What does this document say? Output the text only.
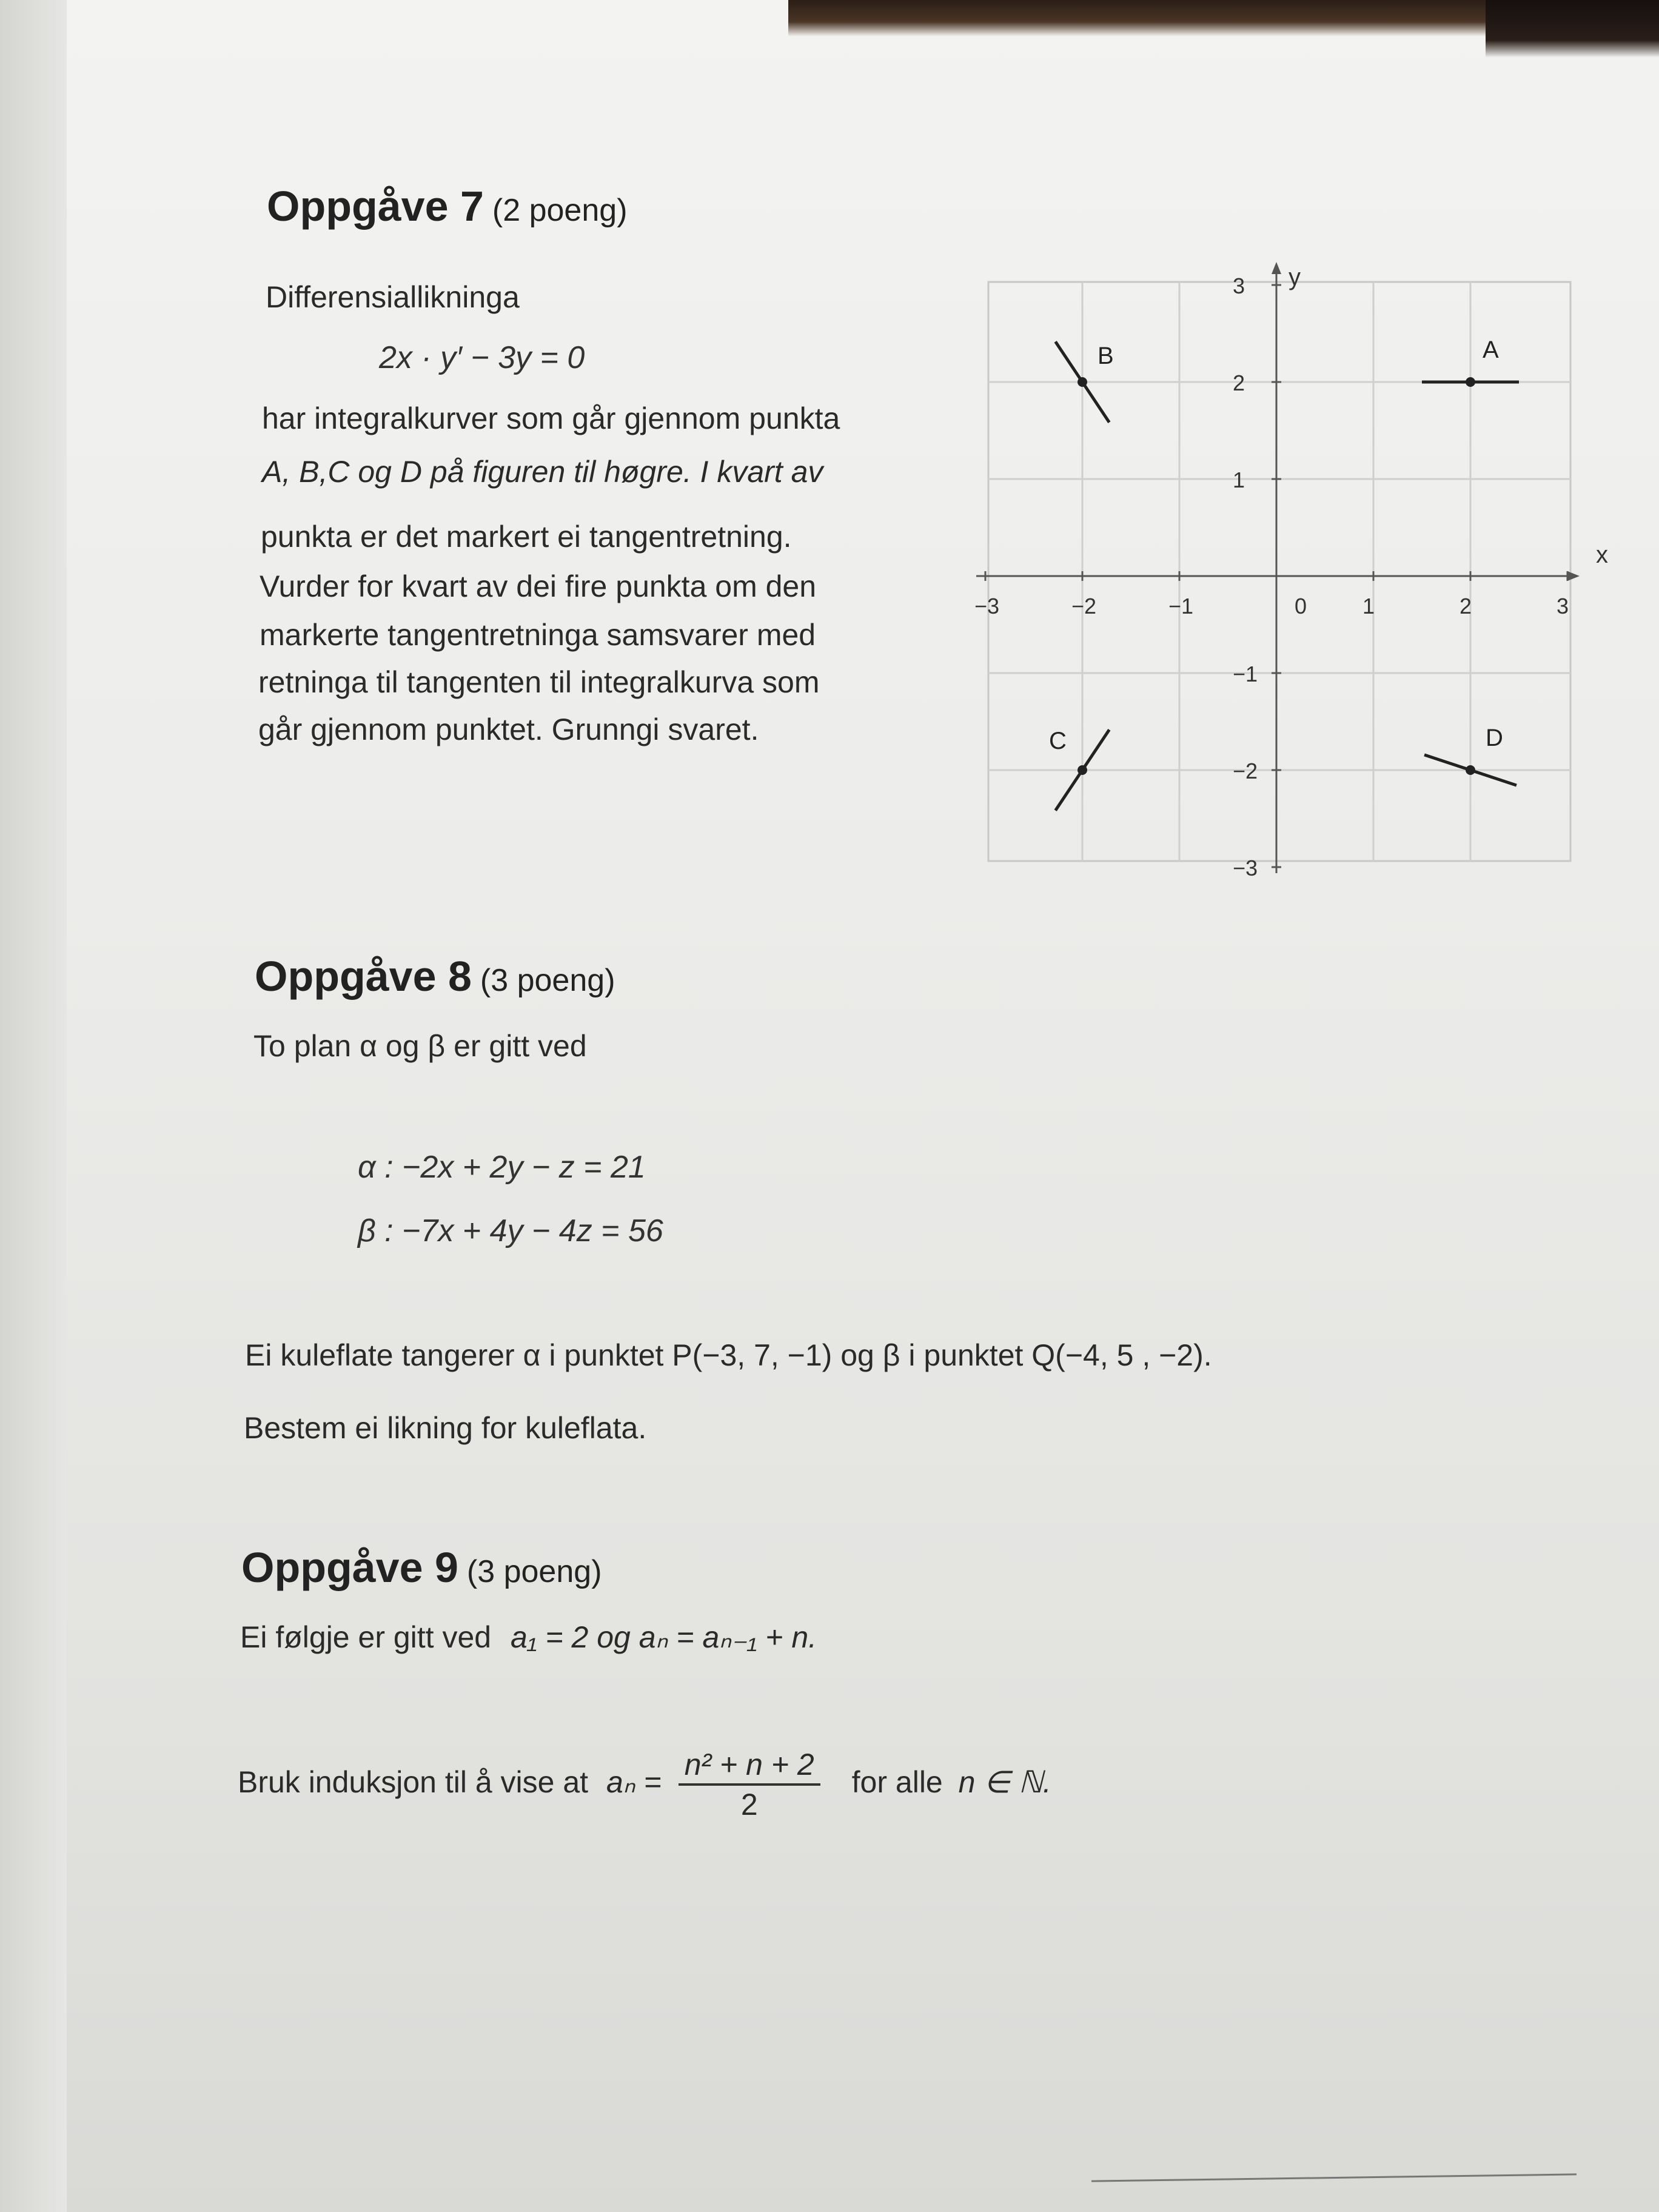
Oppgåve 7 (2 poeng)
Differensiallikninga
2x · y′ − 3y = 0
har integralkurver som går gjennom punkta
A, B,C og D på figuren til høgre. I kvart av
punkta er det markert ei tangentretning.
Vurder for kvart av dei fire punkta om den
markerte tangentretninga samsvarer med
retninga til tangenten til integralkurva som
går gjennom punktet. Grunngi svaret.
x
y
−3	−2	−1	0	1	2	3
3
2
1
−1
−2
−3
A
B
C	D
Oppgåve 8 (3 poeng)
To plan α og β er gitt ved
α : −2x + 2y − z = 21
β : −7x + 4y − 4z = 56
Ei kuleflate tangerer α i punktet P(−3, 7, −1) og β i punktet Q(−4, 5 , −2).
Bestem ei likning for kuleflata.
Oppgåve 9 (3 poeng)
Ei følgje er gitt ved a₁ = 2 og aₙ = aₙ₋₁ + n.
Bruk induksjon til å vise at $a_n = \frac{\text{n² + n + 2}}{2}$ for alle n ∈ ℕ.
